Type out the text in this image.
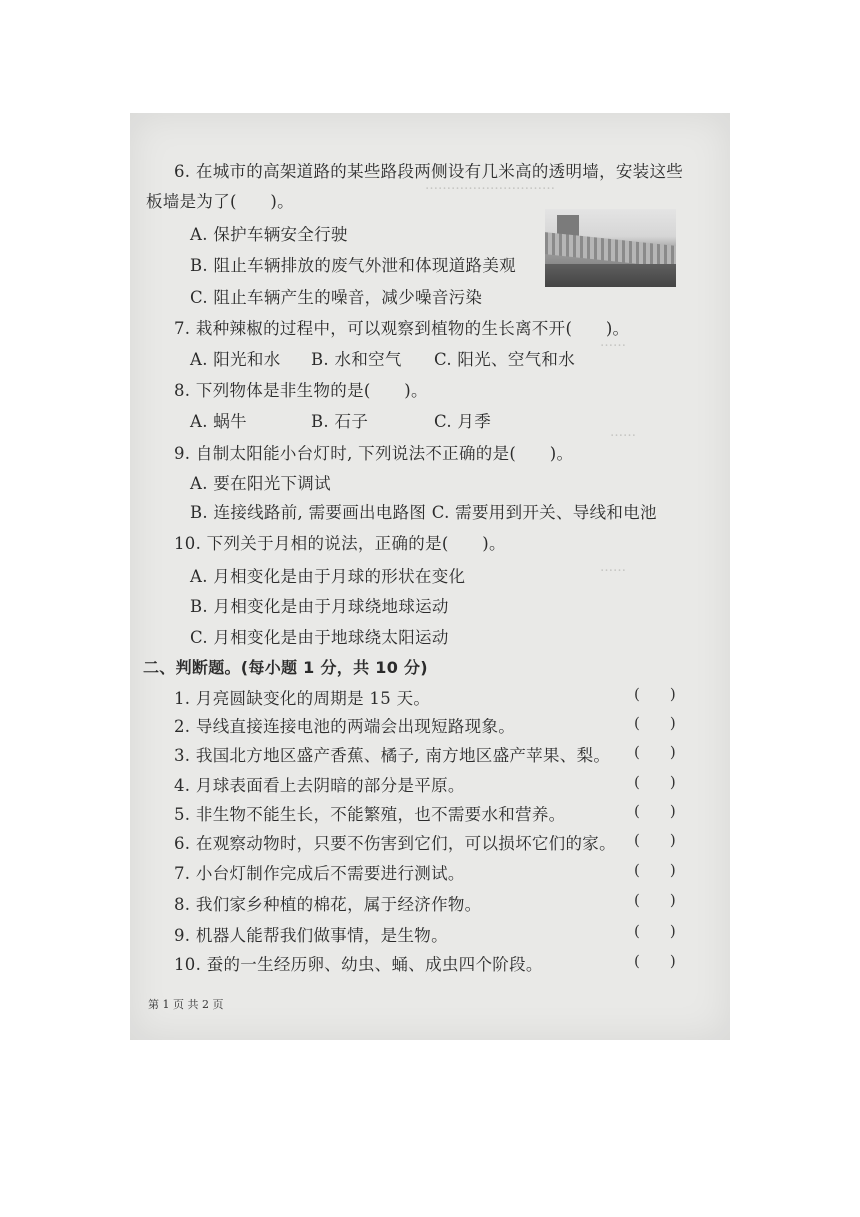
…………………………
……
……
……
6. 在城市的高架道路的某些路段两侧设有几米高的透明墙，安装这些
板墙是为了(　　)。
A. 保护车辆安全行驶
B. 阻止车辆排放的废气外泄和体现道路美观
C. 阻止车辆产生的噪音，减少噪音污染
7. 栽种辣椒的过程中，可以观察到植物的生长离不开(　　)。
A. 阳光和水 B. 水和空气 C. 阳光、空气和水
8. 下列物体是非生物的是(　　)。
A. 蜗牛	B. 石子	C. 月季
9. 自制太阳能小台灯时, 下列说法不正确的是(　　)。
A. 要在阳光下调试
B. 连接线路前, 需要画出电路图 C. 需要用到开关、导线和电池
10. 下列关于月相的说法，正确的是(　　)。
A. 月相变化是由于月球的形状在变化
B. 月相变化是由于月球绕地球运动
C. 月相变化是由于地球绕太阳运动
二、判断题。(每小题 1 分，共 10 分)
1. 月亮圆缺变化的周期是 15 天。	(　　)
2. 导线直接连接电池的两端会出现短路现象。	(　　)
3. 我国北方地区盛产香蕉、橘子, 南方地区盛产苹果、梨。 (　　)
4. 月球表面看上去阴暗的部分是平原。	(　　)
5. 非生物不能生长，不能繁殖，也不需要水和营养。	(　　)
6. 在观察动物时，只要不伤害到它们，可以损坏它们的家。 (　　)
7. 小台灯制作完成后不需要进行测试。	(　　)
8. 我们家乡种植的棉花，属于经济作物。	(　　)
9. 机器人能帮我们做事情，是生物。	(　　)
10. 蚕的一生经历卵、幼虫、蛹、成虫四个阶段。	(　　)
第 1 页 共 2 页
